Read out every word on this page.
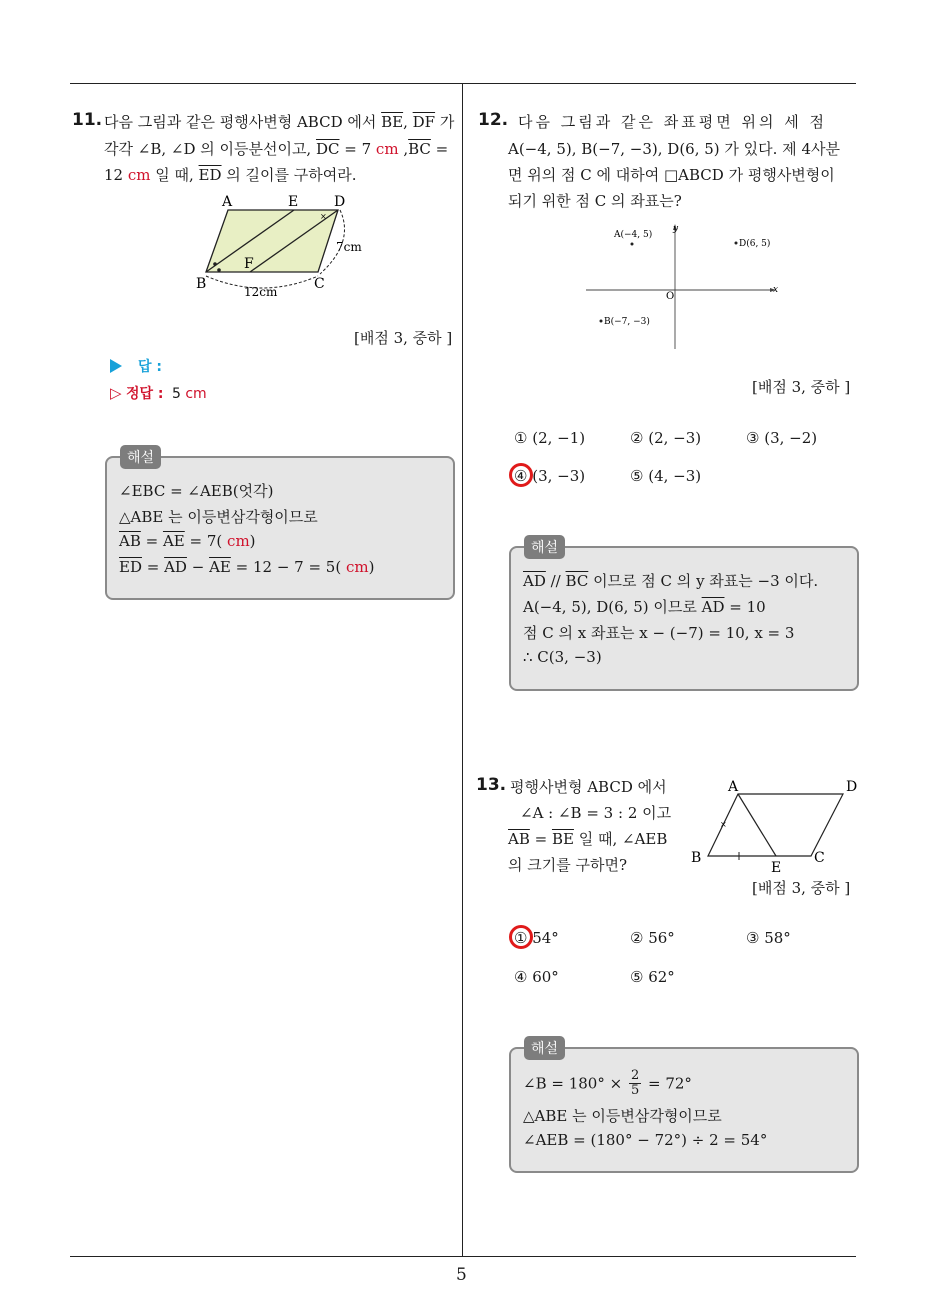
5
11. 다음 그림과 같은 평행사변형 ABCD 에서 $\overline{BE}$, $\overline{DF}$ 가
각각 ∠B, ∠D 의 이등분선이고, $\overline{DC} = 7$ cm $,\overline{BC}$ =
12 cm 일 때, $\overline{ED}$ 의 길이를 구하여라.
×
A	E	D
F
B	C
7cm
12cm
[배점 3, 중하 ]
답 :
▷ 정답 : 5 cm
∠EBC = ∠AEB(엇각)
△ABE 는 이등변삼각형이므로
$\overline{AB} = \overline{AE} = 7$( cm)
$\overline{ED} = \overline{AD} - \overline{AE} = 12 - 7 = 5$( cm)
해설
12. 다음 그림과 같은 좌표평면 위의 세 점
A(−4, 5), B(−7, −3), D(6, 5) 가 있다. 제 4사분
면 위의 점 C 에 대하여 □ABCD 가 평행사변형이
되기 위한 점 C 의 좌표는?
x
y
O
A(−4, 5)
D(6, 5)
B(−7, −3)
[배점 3, 중하 ]
① (2, −1)	② (2, −3)	③ (3, −2)
④ (3, −3)	⑤ (4, −3)
$\overline{AD} // \overline{BC}$ 이므로 점 C 의 y 좌표는 −3 이다.
A(−4, 5), D(6, 5) 이므로 $\overline{AD} = 10$
점 C 의 x 좌표는 x − (−7) = 10, x = 3
∴ C(3, −3)
해설
13. 평행사변형 ABCD 에서
∠A : ∠B = 3 : 2 이고
$\overline{AB} = \overline{BE}$ 일 때, ∠AEB
의 크기를 구하면?
×
A	D
B
E
C
[배점 3, 중하 ]
① 54°	② 56°	③ 58°
④ 60°	⑤ 62°
∠B = $180^\circ \times \frac{2}{5} = 72^\circ$
△ABE 는 이등변삼각형이므로
∠AEB = (180° − 72°) ÷ 2 = 54°
해설
